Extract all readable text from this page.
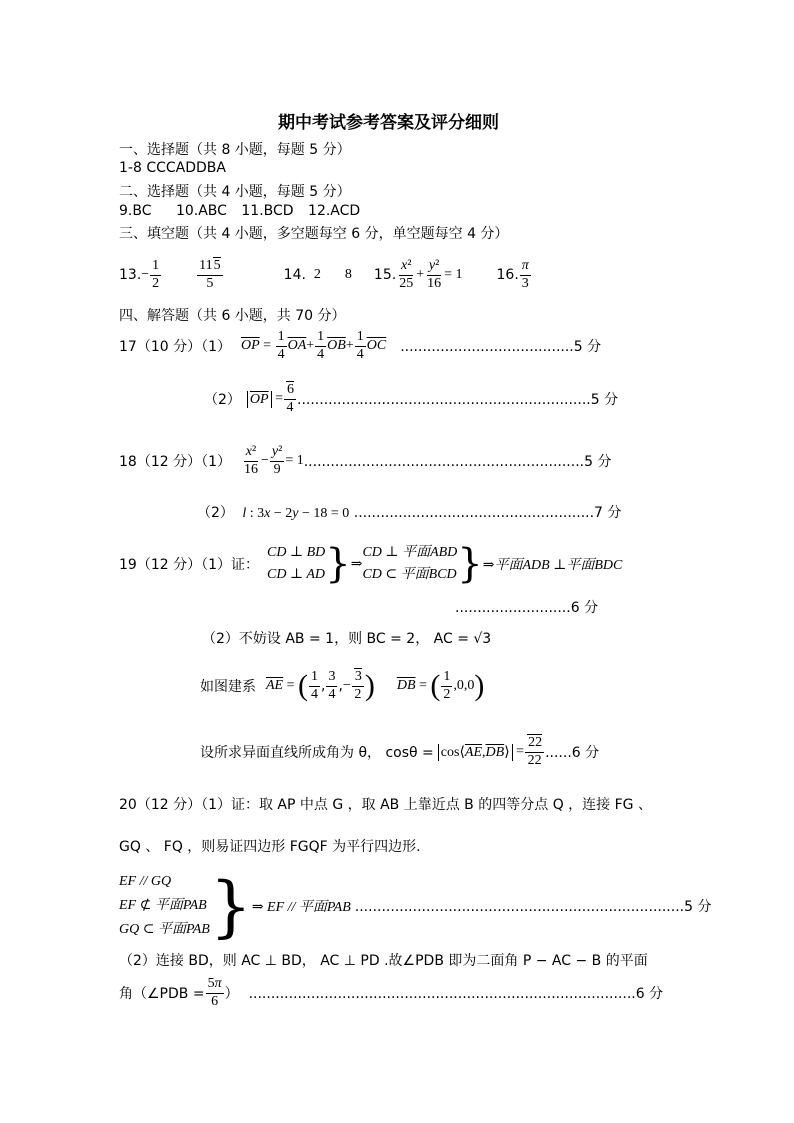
期中考试参考答案及评分细则
一、选择题（共 8 小题，每题 5 分）
1-8 CCCADDBA
二、选择题（共 4 小题，每题 5 分）
9.BC 10.ABC 11.BCD 12.ACD
三、填空题（共 4 小题，多空题每空 6 分，单空题每空 4 分）
13. − $\frac{1}{2}$	$\frac{115}{5}$	14. 2 8 15. $\frac{\text{x²}}{25} + \frac{\text{y²}}{16} = 1$ 16. $\frac{\pi}{3}$
四、解答题（共 6 小题，共 70 分）
17（10 分）（1） $\overline{OP} = \frac{1}{4} \overline{OA} + \frac{1}{4} \overline{OB} + \frac{1}{4} \overline{OC}$ .......................................5 分
（2） $\overline{OP} = \frac{6}{4} ..................................................................5$ 分
18（12 分）$(1) \frac{\text{x²}}{16} - \frac{\text{y²}}{9} = 1$ ...............................................................5 分
（2） l : 3x − 2y − 18 = 0 ......................................................7 分
19（12 分）（1）证：
CD ⊥ BD
CD ⊥ AD } ⇒
CD ⊥ 平面ABD
CD ⊂ 平面BCD } ⇒平面ADB ⊥平面BDC
..........................6 分
（2）不妨设 AB = 1，则 BC = 2， AC = √3
如图建系 $\overline{AE}$ = ( $\frac{1}{4}$ , $\frac{3}{4}$ , − $\frac{3}{2}$ ) $\overline{DB}$ = ( $\frac{1}{2} ,0,0$ )
设所求异面直线所成角为 θ， $\cos\theta = \cos⟨\overline{AE},\overline{DB}⟩ = \frac{22}{22} ......6$ 分
20（12 分）（1）证：取 AP 中点 G ，取 AB 上靠近点 B 的四等分点 Q ，连接 FG 、
GQ 、 FQ ，则易证四边形 FGQF 为平行四边形.
EF // GQ
EF ⊄ 平面PAB
GQ ⊂ 平面PAB } ⇒ EF // 平面PAB ..........................................................................5 分
（2）连接 BD，则 AC ⊥ BD， AC ⊥ PD .故∠PDB 即为二面角 P − AC − B 的平面
角（∠PDB = $\frac{5\pi}{6}$ ） .......................................................................................6 分
